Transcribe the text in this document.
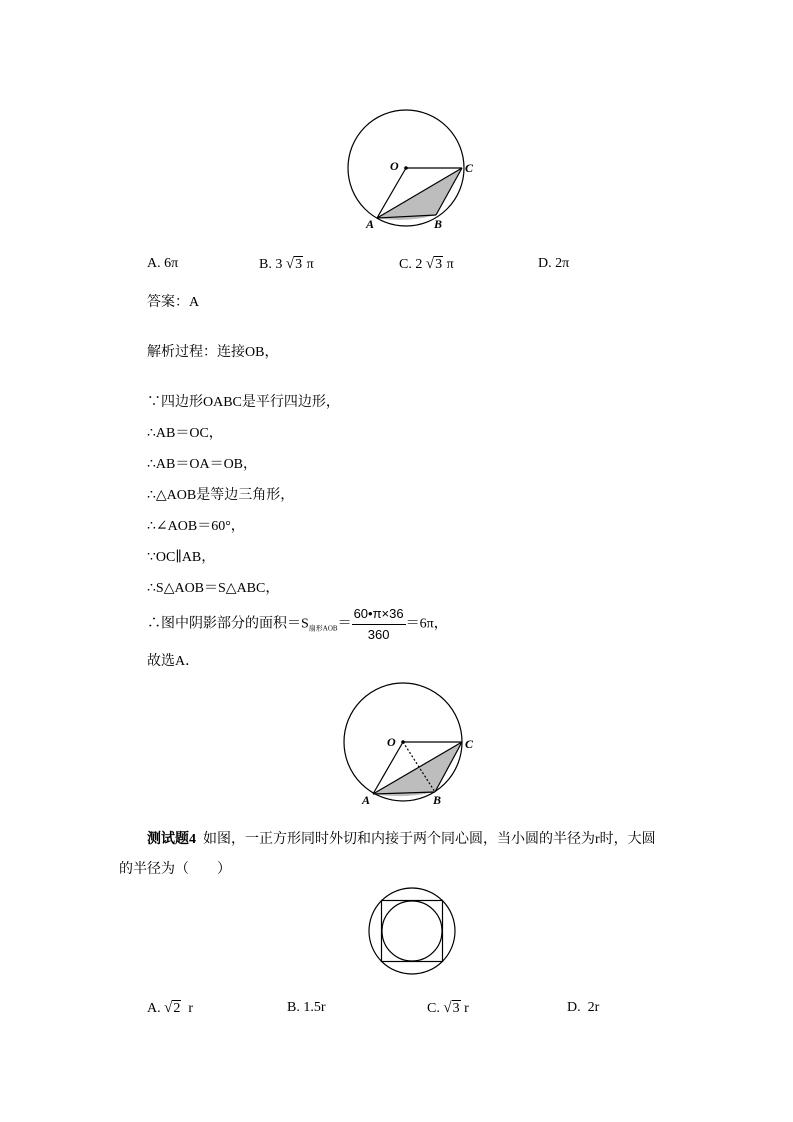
O	C
A	B
A. 6π	B. 3 √3 π	C. 2 √3 π	D. 2π
答案：A
解析过程：连接OB，
∵四边形OABC是平行四边形，
∴AB＝OC，
∴AB＝OA＝OB，
∴△AOB是等边三角形，
∴∠AOB＝60°，
∵OC∥AB，
∴S△AOB＝S△ABC，
∴图中阴影部分的面积$=S_{扇形AOB}= \frac{60•\pi\times 36}{360} =6\pi$，
故选A．
O	C
A	B
测试题4 如图，一正方形同时外切和内接于两个同心圆，当小圆的半径为r时，大圆
的半径为（　　）
A. √2 r	B. 1.5r	C. √3 r	D.  2r
